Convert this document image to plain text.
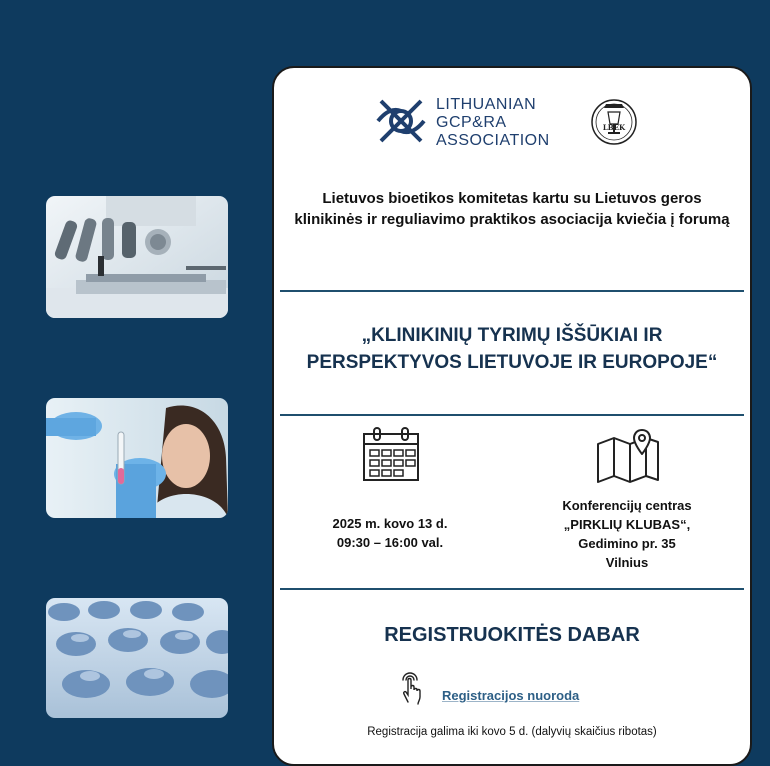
LITHUANIAN
GCP&RA
ASSOCIATION
LBEK
Lietuvos bioetikos komitetas kartu su Lietuvos geros klinikinės ir reguliavimo praktikos asociacija kviečia į forumą
„KLINIKINIŲ TYRIMŲ IŠŠŪKIAI IR PERSPEKTYVOS LIETUVOJE IR EUROPOJE“
2025 m. kovo 13 d.
09:30 – 16:00 val.
Konferencijų centras
„PIRKLIŲ KLUBAS“,
Gedimino pr. 35
Vilnius
REGISTRUOKITĖS DABAR
Registracijos nuoroda
Registracija galima iki kovo 5 d. (dalyvių skaičius ribotas)
